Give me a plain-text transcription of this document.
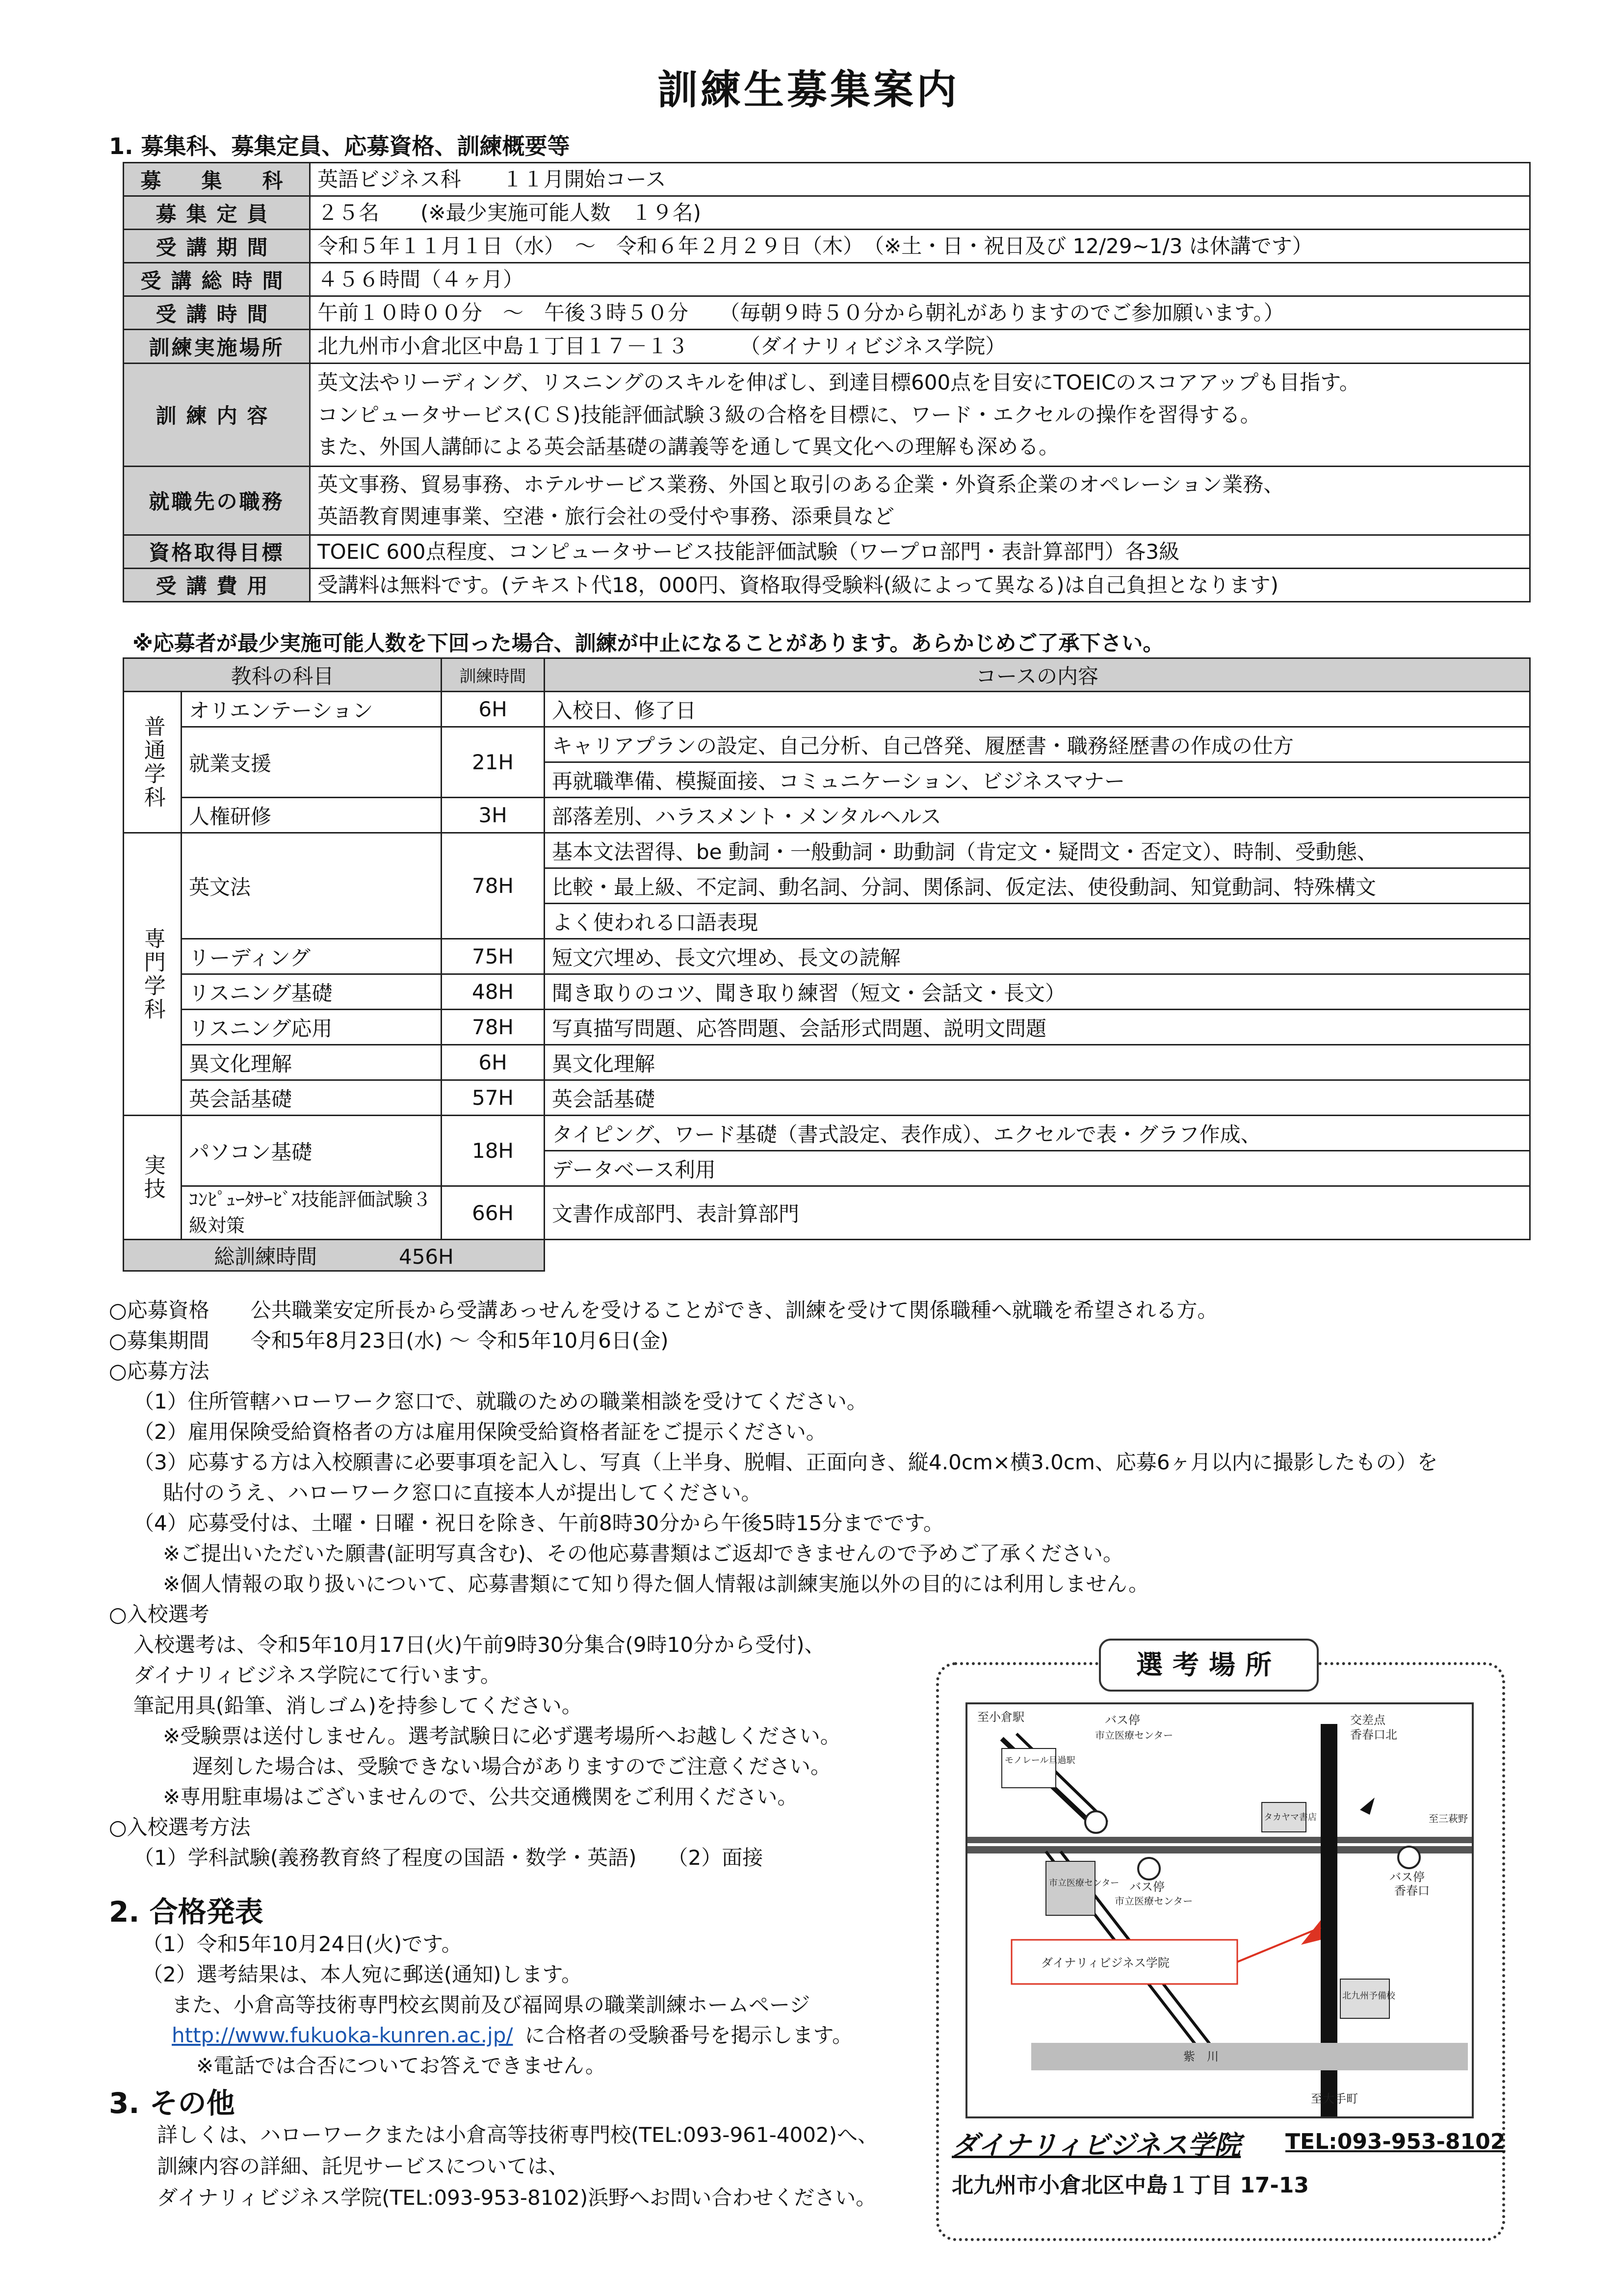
訓練生募集案内
1. 募集科、募集定員、応募資格、訓練概要等
募　集　科	英語ビジネス科　　１１月開始コース

募集定員	２５名　　(※最少実施可能人数　１９名)

受講期間	令和５年１１月１日（水）　～　令和６年２月２９日（木）　（※土・日・祝日及び 12/29~1/3 は休講です）

受講総時間	４５６時間（４ヶ月）

受講時間	午前１０時００分　～　午後３時５０分　　（毎朝９時５０分から朝礼がありますのでご参加願います。）

訓練実施場所	北九州市小倉北区中島１丁目１７－１３　　　（ダイナリィビジネス学院）

訓練内容	英文法やリーディング、リスニングのスキルを伸ばし、到達目標600点を目安にTOEICのスコアアップも目指す。
コンピュータサービス(ＣＳ)技能評価試験３級の合格を目標に、ワード・エクセルの操作を習得する。
また、外国人講師による英会話基礎の講義等を通して異文化への理解も深める。

就職先の職務	英文事務、貿易事務、ホテルサービス業務、外国と取引のある企業・外資系企業のオペレーション業務、
英語教育関連事業、空港・旅行会社の受付や事務、添乗員など

資格取得目標	TOEIC 600点程度、コンピュータサービス技能評価試験（ワープロ部門・表計算部門）各3級

受講費用	受講料は無料です。(テキスト代18，000円、資格取得受験料(級によって異なる)は自己負担となります)
※応募者が最少実施可能人数を下回った場合、訓練が中止になることがあります。あらかじめご了承下さい。
教科の科目		訓練時間	コースの内容
普通学科	オリエンテーション	6H	入校日、修了日
	就業支援	21H	キャリアプランの設定、自己分析、自己啓発、履歴書・職務経歴書の作成の仕方
			再就職準備、模擬面接、コミュニケーション、ビジネスマナー
	人権研修	3H	部落差別、ハラスメント・メンタルヘルス
専門学科	英文法	78H	基本文法習得、be 動詞・一般動詞・助動詞（肯定文・疑問文・否定文）、時制、受動態、
			比較・最上級、不定詞、動名詞、分詞、関係詞、仮定法、使役動詞、知覚動詞、特殊構文
			よく使われる口語表現
	リーディング	75H	短文穴埋め、長文穴埋め、長文の読解
	リスニング基礎	48H	聞き取りのコツ、聞き取り練習（短文・会話文・長文）
	リスニング応用	78H	写真描写問題、応答問題、会話形式問題、説明文問題
	異文化理解	6H	異文化理解
	英会話基礎	57H	英会話基礎
実技	パソコン基礎	18H	タイピング、ワード基礎（書式設定、表作成）、エクセルで表・グラフ作成、
			データベース利用
	ｺﾝﾋﾟｭｰﾀｻｰﾋﾞｽ技能評価試験３級対策	66H	文書作成部門、表計算部門
総訓練時間 456H			
○応募資格　　公共職業安定所長から受講あっせんを受けることができ、訓練を受けて関係職種へ就職を希望される方。
○募集期間　　令和5年8月23日(水) ～ 令和5年10月6日(金)
○応募方法
（1）住所管轄ハローワーク窓口で、就職のための職業相談を受けてください。
（2）雇用保険受給資格者の方は雇用保険受給資格者証をご提示ください。
（3）応募する方は入校願書に必要事項を記入し、写真（上半身、脱帽、正面向き、縦4.0cm×横3.0cm、応募6ヶ月以内に撮影したもの）を
貼付のうえ、ハローワーク窓口に直接本人が提出してください。
（4）応募受付は、土曜・日曜・祝日を除き、午前8時30分から午後5時15分までです。
※ご提出いただいた願書(証明写真含む)、その他応募書類はご返却できませんので予めご了承ください。
※個人情報の取り扱いについて、応募書類にて知り得た個人情報は訓練実施以外の目的には利用しません。
○入校選考
入校選考は、令和5年10月17日(火)午前9時30分集合(9時10分から受付)、
ダイナリィビジネス学院にて行います。
筆記用具(鉛筆、消しゴム)を持参してください。
※受験票は送付しません。選考試験日に必ず選考場所へお越しください。
遅刻した場合は、受験できない場合がありますのでご注意ください。
※専用駐車場はございませんので、公共交通機関をご利用ください。
○入校選考方法
（1）学科試験(義務教育終了程度の国語・数学・英語)　　（2）面接
2. 合格発表
（1）令和5年10月24日(火)です。
（2）選考結果は、本人宛に郵送(通知)します。
また、小倉高等技術専門校玄関前及び福岡県の職業訓練ホームページ
http://www.fukuoka-kunren.ac.jp/ に合格者の受験番号を掲示します。
※電話では合否についてお答えできません。
3. その他
詳しくは、ハローワークまたは小倉高等技術専門校(TEL:093-961-4002)へ、
訓練内容の詳細、託児サービスについては、
ダイナリィビジネス学院(TEL:093-953-8102)浜野へお問い合わせください。
選考場所
紫　川
至小倉駅
モノレール旦過駅
バス停
市立医療センター
バス停
市立医療センター
バス停
香春口
市立医療センター
タカヤマ書店
交差点
香春口北
至三萩野
ダイナリィビジネス学院
北九州予備校
至大手町
ダイナリィビジネス学院 TEL:093-953-8102
北九州市小倉北区中島１丁目 17-13
